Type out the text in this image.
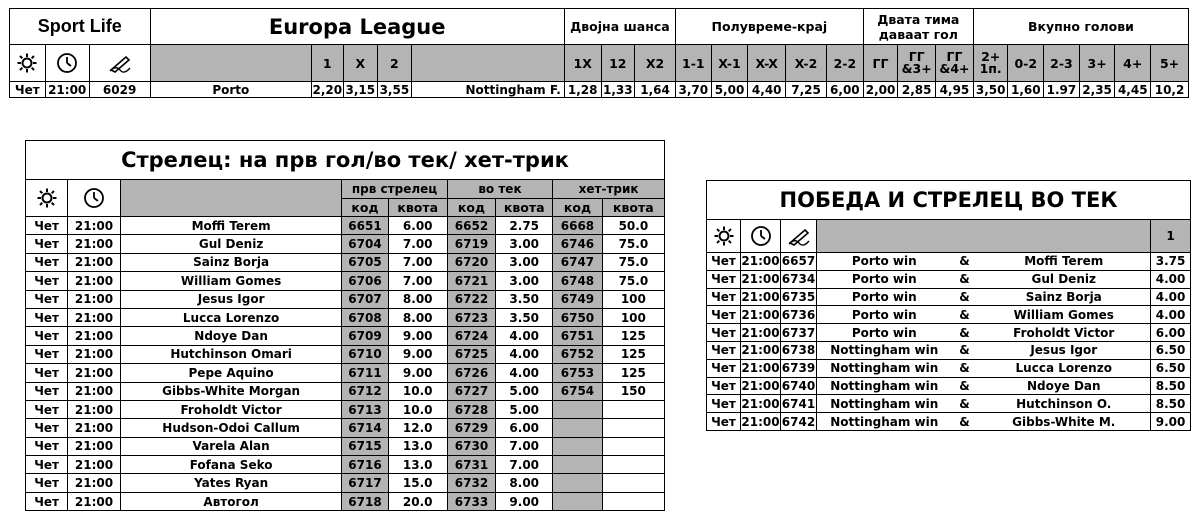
Sport Life			Europa League					Двојна шанса			Полувреме-крај					Двата тима даваат гол			Вкупно голови					

		1	X	2		1X	12	X2	1-1	X-1	X-X	X-2	2-2	ГГ	ГГ &3+	ГГ &4+	2+ 1п.	0-2	2-3	3+	4+	5+
Чет	21:00	6029	Porto	2,20	3,15	3,55	Nottingham F.	1,28	1,33	1,64	3,70	5,00	4,40	7,25	6,00	2,00	2,85	4,95	3,50	1,60	1.97	2,35	4,45	10,2
Стрелец: на прв гол/во тек/ хет-трик								

		прв стрелец		во тек		хет-трик	
			код	квота	код	квота	код	квота
Чет	21:00	Moffi Terem	6651	6.00	6652	2.75	6668	50.0
Чет	21:00	Gul Deniz	6704	7.00	6719	3.00	6746	75.0
Чет	21:00	Sainz Borja	6705	7.00	6720	3.00	6747	75.0
Чет	21:00	William Gomes	6706	7.00	6721	3.00	6748	75.0
Чет	21:00	Jesus Igor	6707	8.00	6722	3.50	6749	100
Чет	21:00	Lucca Lorenzo	6708	8.00	6723	3.50	6750	100
Чет	21:00	Ndoye Dan	6709	9.00	6724	4.00	6751	125
Чет	21:00	Hutchinson Omari	6710	9.00	6725	4.00	6752	125
Чет	21:00	Pepe Aquino	6711	9.00	6726	4.00	6753	125
Чет	21:00	Gibbs-White Morgan	6712	10.0	6727	5.00	6754	150
Чет	21:00	Froholdt Victor	6713	10.0	6728	5.00		
Чет	21:00	Hudson-Odoi Callum	6714	12.0	6729	6.00		
Чет	21:00	Varela Alan	6715	13.0	6730	7.00		
Чет	21:00	Fofana Seko	6716	13.0	6731	7.00		
Чет	21:00	Yates Ryan	6717	15.0	6732	8.00		
Чет	21:00	Автогол	6718	20.0	6733	9.00		
ПОБЕДА И СТРЕЛЕЦ ВО ТЕК						

		1
Чет	21:00	6657	Porto win	&	Moffi Terem	3.75
Чет	21:00	6734	Porto win	&	Gul Deniz	4.00
Чет	21:00	6735	Porto win	&	Sainz Borja	4.00
Чет	21:00	6736	Porto win	&	William Gomes	4.00
Чет	21:00	6737	Porto win	&	Froholdt Victor	6.00
Чет	21:00	6738	Nottingham win	&	Jesus Igor	6.50
Чет	21:00	6739	Nottingham win	&	Lucca Lorenzo	6.50
Чет	21:00	6740	Nottingham win	&	Ndoye Dan	8.50
Чет	21:00	6741	Nottingham win	&	Hutchinson O.	8.50
Чет	21:00	6742	Nottingham win	&	Gibbs-White M.	9.00
